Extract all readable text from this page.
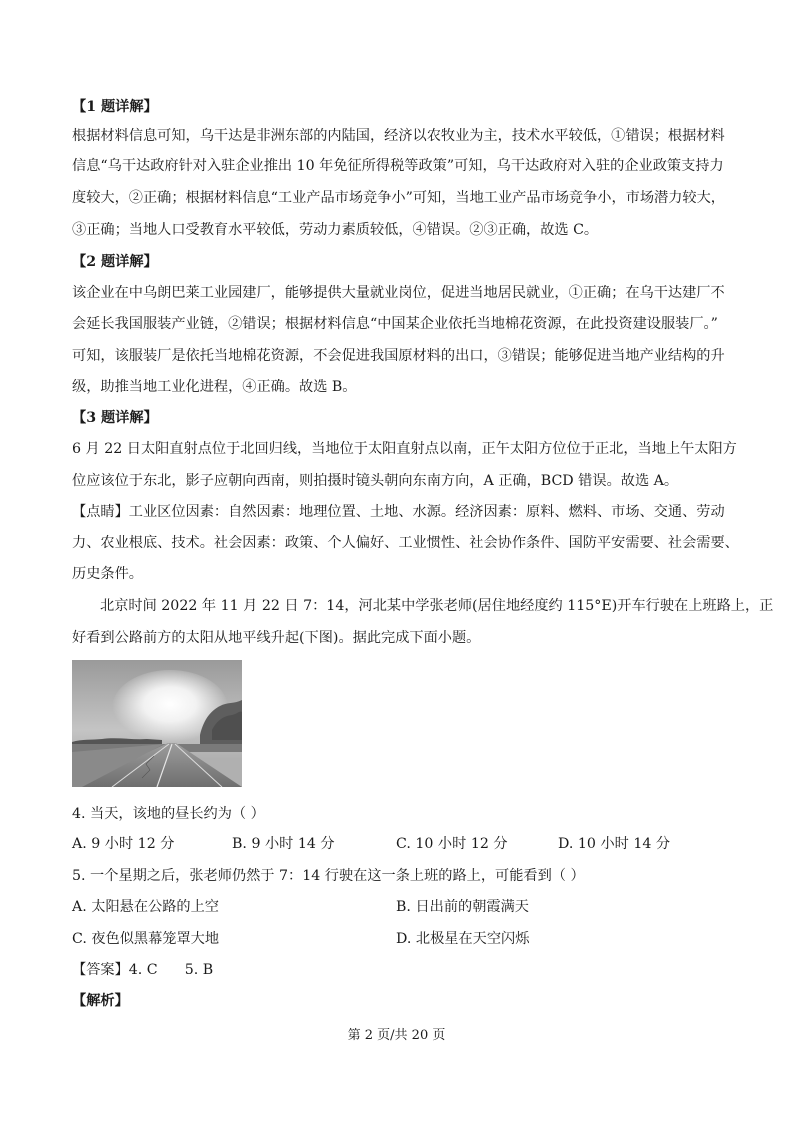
【1 题详解】
根据材料信息可知，乌干达是非洲东部的内陆国，经济以农牧业为主，技术水平较低，①错误；根据材料
信息“乌干达政府针对入驻企业推出 10 年免征所得税等政策”可知，乌干达政府对入驻的企业政策支持力
度较大，②正确；根据材料信息“工业产品市场竞争小”可知，当地工业产品市场竞争小，市场潜力较大，
③正确；当地人口受教育水平较低，劳动力素质较低，④错误。②③正确，故选 C。
【2 题详解】
该企业在中乌朗巴莱工业园建厂，能够提供大量就业岗位，促进当地居民就业，①正确；在乌干达建厂不
会延长我国服装产业链，②错误；根据材料信息“中国某企业依托当地棉花资源，在此投资建设服装厂。”
可知，该服装厂是依托当地棉花资源，不会促进我国原材料的出口，③错误；能够促进当地产业结构的升
级，助推当地工业化进程，④正确。故选 B。
【3 题详解】
6 月 22 日太阳直射点位于北回归线，当地位于太阳直射点以南，正午太阳方位位于正北，当地上午太阳方
位应该位于东北，影子应朝向西南，则拍摄时镜头朝向东南方向，A 正确，BCD 错误。故选 A。
【点睛】工业区位因素：自然因素：地理位置、土地、水源。经济因素：原料、燃料、市场、交通、劳动
力、农业根底、技术。社会因素：政策、个人偏好、工业惯性、社会协作条件、国防平安需要、社会需要、
历史条件。
北京时间 2022 年 11 月 22 日 7：14，河北某中学张老师(居住地经度约 115°E)开车行驶在上班路上，正
好看到公路前方的太阳从地平线升起(下图)。据此完成下面小题。
4. 当天，该地的昼长约为（ ）
A. 9 小时 12 分	B. 9 小时 14 分	C. 10 小时 12 分	D. 10 小时 14 分
5. 一个星期之后，张老师仍然于 7：14 行驶在这一条上班的路上，可能看到（ ）
A. 太阳悬在公路的上空	B. 日出前的朝霞满天
C. 夜色似黑幕笼罩大地	D. 北极星在天空闪烁
【答案】4. C      5. B
【解析】
第 2 页/共 20 页
